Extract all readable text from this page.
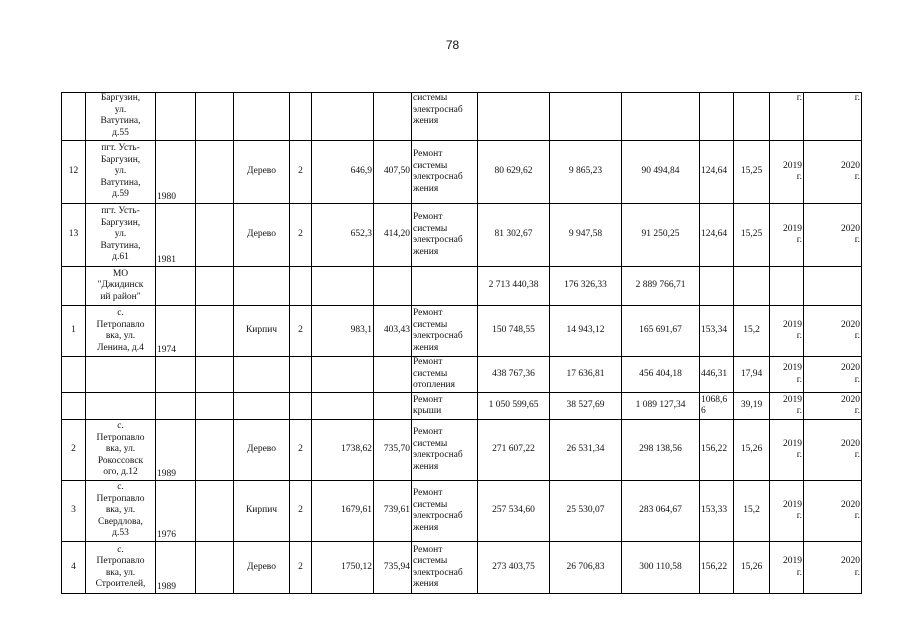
78
	Баргузин,
ул.
Ватутина,
д.55							системы
электроснаб
жения						г.	г.
12	пгт. Усть-
Баргузин,
ул.
Ватутина,
д.59	1980		Дерево	2	646,9	407,50	Ремонт
системы
электроснаб
жения	80 629,62	9 865,23	90 494,84	124,64	15,25	2019
г.	2020
г.
13	пгт. Усть-
Баргузин,
ул.
Ватутина,
д.61	1981		Дерево	2	652,3	414,20	Ремонт
системы
электроснаб
жения	81 302,67	9 947,58	91 250,25	124,64	15,25	2019
г.	2020
г.
	МО
"Джидинск
ий район"								2 713 440,38	176 326,33	2 889 766,71				
1	с.
Петропавло
вка, ул.
Ленина, д.4	1974		Кирпич	2	983,1	403,43	Ремонт
системы
электроснаб
жения	150 748,55	14 943,12	165 691,67	153,34	15,2	2019
г.	2020
г.
								Ремонт
системы
отопления	438 767,36	17 636,81	456 404,18	446,31	17,94	2019
г.	2020
г.
								Ремонт
крыши	1 050 599,65	38 527,69	1 089 127,34	1068,6
6	39,19	2019
г.	2020
г.
2	с.
Петропавло
вка, ул.
Рокоссовск
ого, д.12	1989		Дерево	2	1738,62	735,70	Ремонт
системы
электроснаб
жения	271 607,22	26 531,34	298 138,56	156,22	15,26	2019
г.	2020
г.
3	с.
Петропавло
вка, ул.
Свердлова,
д.53	1976		Кирпич	2	1679,61	739,61	Ремонт
системы
электроснаб
жения	257 534,60	25 530,07	283 064,67	153,33	15,2	2019
г.	2020
г.
4	с.
Петропавло
вка, ул.
Строителей,	1989		Дерево	2	1750,12	735,94	Ремонт
системы
электроснаб
жения	273 403,75	26 706,83	300 110,58	156,22	15,26	2019
г.	2020
г.
